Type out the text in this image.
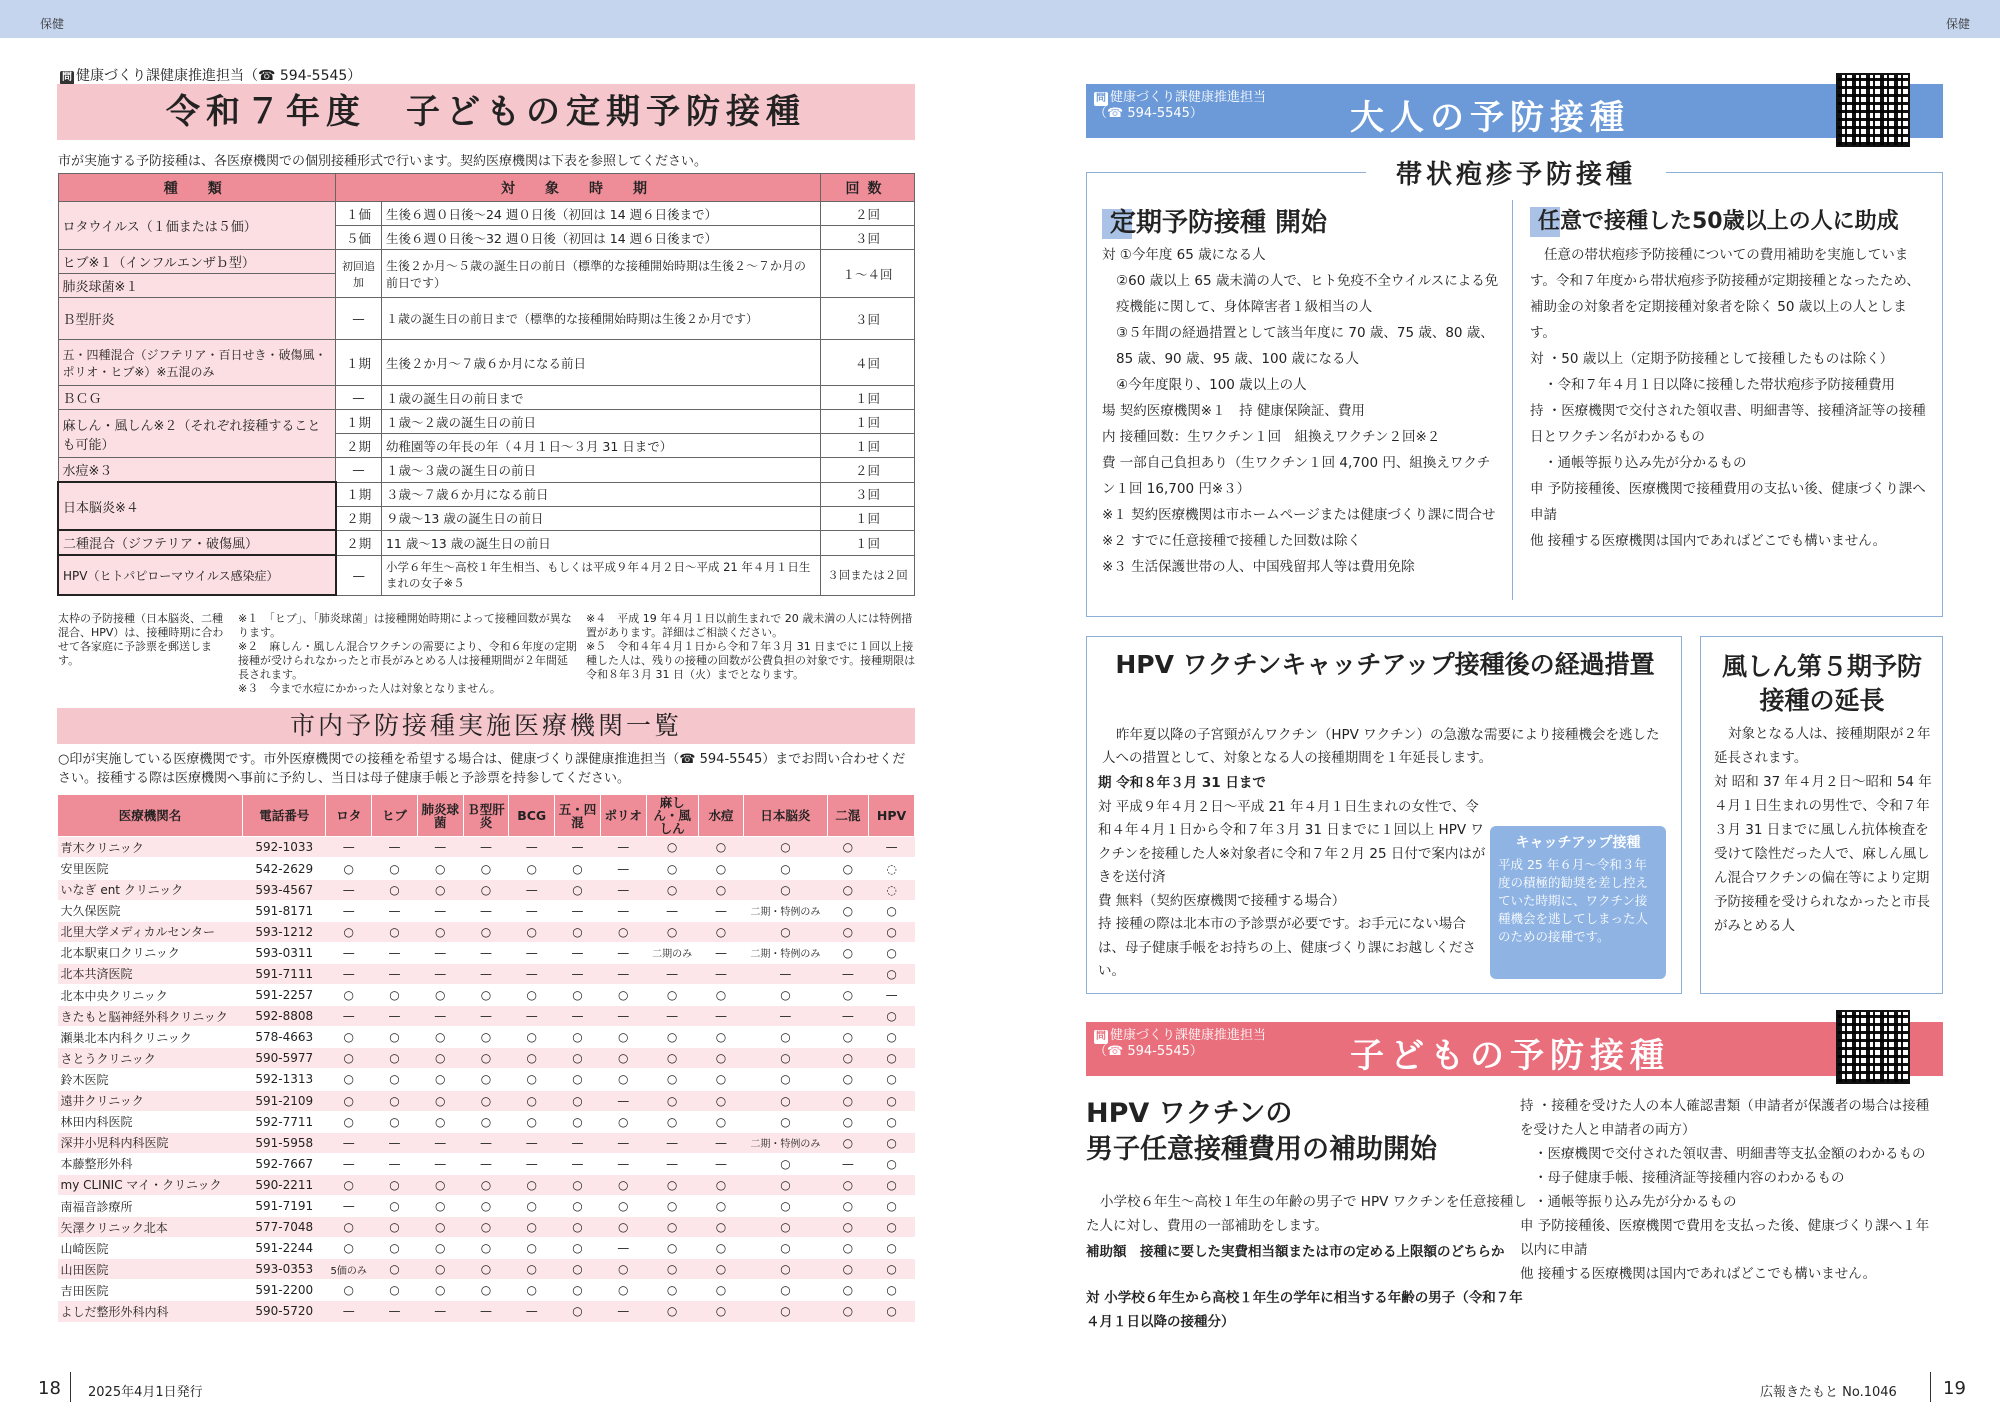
保健	保健
問 健康づくり課健康推進担当（☎ 594-5545）
令和７年度　子どもの定期予防接種
市が実施する予防接種は、各医療機関での個別接種形式で行います。契約医療機関は下表を参照してください。
種　類	対　象　時　期		回数
ロタウイルス（１価または５価）	１価	生後６週０日後～24 週０日後（初回は 14 週６日後まで）	２回
	５価	生後６週０日後～32 週０日後（初回は 14 週６日後まで）	３回
ヒブ※１（インフルエンザｂ型）	初回追加	生後２か月～５歳の誕生日の前日（標準的な接種開始時期は生後２～７か月の前日です）	１～４回
肺炎球菌※１			
Ｂ型肝炎	—	１歳の誕生日の前日まで（標準的な接種開始時期は生後２か月です）	３回
五・四種混合（ジフテリア・百日せき・破傷風・ポリオ・ヒブ※）※五混のみ	１期	生後２か月～７歳６か月になる前日	４回
ＢＣＧ	—	１歳の誕生日の前日まで	１回
麻しん・風しん※２（それぞれ接種することも可能）	１期	１歳～２歳の誕生日の前日	１回
	２期	幼稚園等の年長の年（４月１日～３月 31 日まで）	１回
水痘※３	—	１歳～３歳の誕生日の前日	２回
日本脳炎※４	１期	３歳～７歳６か月になる前日	３回
	２期	９歳～13 歳の誕生日の前日	１回
二種混合（ジフテリア・破傷風）	２期	11 歳～13 歳の誕生日の前日	１回
HPV（ヒトパピローマウイルス感染症）	—	小学６年生～高校１年生相当、もしくは平成９年４月２日～平成 21 年４月１日生まれの女子※５	３回または２回
太枠の予防接種（日本脳炎、二種混合、HPV）は、接種時期に合わせて各家庭に予診票を郵送します。
※１　「ヒブ」、「肺炎球菌」は接種開始時期によって接種回数が異なります。
※２　麻しん・風しん混合ワクチンの需要により、令和６年度の定期接種が受けられなかったと市長がみとめる人は接種期間が２年間延長されます。
※３　今まで水痘にかかった人は対象となりません。
※４　平成 19 年４月１日以前生まれで 20 歳未満の人には特例措置があります。詳細はご相談ください。
※５　令和４年４月１日から令和７年３月 31 日までに１回以上接種した人は、残りの接種の回数が公費負担の対象です。接種期限は令和８年３月 31 日（火）までとなります。
市内予防接種実施医療機関一覧
○印が実施している医療機関です。市外医療機関での接種を希望する場合は、健康づくり課健康推進担当（☎ 594-5545）までお問い合わせください。接種する際は医療機関へ事前に予約し、当日は母子健康手帳と予診票を持参してください。
医療機関名	電話番号	ロタ	ヒブ	肺炎球菌	Ｂ型肝炎	BCG	五・四混	ポリオ	麻しん・風しん	水痘	日本脳炎	二混	HPV
青木クリニック	592-1033	—	—	—	—	—	—	—	○	○	○	○	—
安里医院	542-2629	○	○	○	○	○	○	—	○	○	○	○	◌
いなぎ ent クリニック	593-4567	—	○	○	○	—	○	—	○	○	○	○	◌
大久保医院	591-8171	—	—	—	—	—	—	—	—	—	二期・特例のみ	○	○
北里大学メディカルセンター	593-1212	○	○	○	○	○	○	○	○	○	○	○	○
北本駅東口クリニック	593-0311	—	—	—	—	—	—	—	二期のみ	—	二期・特例のみ	○	○
北本共済医院	591-7111	—	—	—	—	—	—	—	—	—	—	—	○
北本中央クリニック	591-2257	○	○	○	○	○	○	○	○	○	○	○	—
きたもと脳神経外科クリニック	592-8808	—	—	—	—	—	—	—	—	—	—	—	○
瀬巣北本内科クリニック	578-4663	○	○	○	○	○	○	○	○	○	○	○	○
さとうクリニック	590-5977	○	○	○	○	○	○	○	○	○	○	○	○
鈴木医院	592-1313	○	○	○	○	○	○	○	○	○	○	○	○
遠井クリニック	591-2109	○	○	○	○	○	○	—	○	○	○	○	○
林田内科医院	592-7711	○	○	○	○	○	○	○	○	○	○	○	○
深井小児科内科医院	591-5958	—	—	—	—	—	—	—	—	—	二期・特例のみ	○	○
本藤整形外科	592-7667	—	—	—	—	—	—	—	—	—	○	—	○
my CLINIC マイ・クリニック	590-2211	○	○	○	○	○	○	○	○	○	○	○	○
南福音診療所	591-7191	—	○	○	○	○	○	○	○	○	○	○	○
矢澤クリニック北本	577-7048	○	○	○	○	○	○	○	○	○	○	○	○
山崎医院	591-2244	○	○	○	○	○	○	—	○	○	○	○	○
山田医院	593-0353	5価のみ	○	○	○	○	○	○	○	○	○	○	○
吉田医院	591-2200	○	○	○	○	○	○	○	○	○	○	○	○
よしだ整形外科内科	590-5720	—	—	—	—	—	○	—	○	○	○	○	○
18 2025年4月1日発行
問 健康づくり課健康推進担当
（☎ 594-5545）	大人の予防接種
帯状疱疹予防接種
定期予防接種 開始
対 ①今年度 65 歳になる人
②60 歳以上 65 歳未満の人で、ヒト免疫不全ウイルスによる免疫機能に関して、身体障害者１級相当の人
③５年間の経過措置として該当年度に 70 歳、75 歳、80 歳、85 歳、90 歳、95 歳、100 歳になる人
④今年度限り、100 歳以上の人
場 契約医療機関※１　持 健康保険証、費用
内 接種回数：生ワクチン１回　組換えワクチン２回※２
費 一部自己負担あり（生ワクチン１回 4,700 円、組換えワクチン１回 16,700 円※３）
※１ 契約医療機関は市ホームページまたは健康づくり課に問合せ
※２ すでに任意接種で接種した回数は除く
※３ 生活保護世帯の人、中国残留邦人等は費用免除
任意で接種した50歳以上の人に助成
任意の帯状疱疹予防接種についての費用補助を実施しています。令和７年度から帯状疱疹予防接種が定期接種となったため、補助金の対象者を定期接種対象者を除く 50 歳以上の人とします。
対 ・50 歳以上（定期予防接種として接種したものは除く）
・令和７年４月１日以降に接種した帯状疱疹予防接種費用
持 ・医療機関で交付された領収書、明細書等、接種済証等の接種日とワクチン名がわかるもの
・通帳等振り込み先が分かるもの
申 予防接種後、医療機関で接種費用の支払い後、健康づくり課へ申請
他 接種する医療機関は国内であればどこでも構いません。
HPV ワクチンキャッチアップ接種後の経過措置
昨年夏以降の子宮頸がんワクチン（HPV ワクチン）の急激な需要により接種機会を逃した人への措置として、対象となる人の接種期間を１年延長します。
期 令和８年３月 31 日まで
対 平成９年４月２日～平成 21 年４月１日生まれの女性で、令和４年４月１日から令和７年３月 31 日までに１回以上 HPV ワクチンを接種した人※対象者に令和７年２月 25 日付で案内はがきを送付済
費 無料（契約医療機関で接種する場合）
持 接種の際は北本市の予診票が必要です。お手元にない場合は、母子健康手帳をお持ちの上、健康づくり課にお越しください。
キャッチアップ接種
平成 25 年６月～令和３年度の積極的勧奨を差し控えていた時期に、ワクチン接種機会を逃してしまった人のための接種です。
風しん第５期予防接種の延長
対象となる人は、接種期限が２年延長されます。
対 昭和 37 年４月２日～昭和 54 年４月１日生まれの男性で、令和７年３月 31 日までに風しん抗体検査を受けて陰性だった人で、麻しん風しん混合ワクチンの偏在等により定期予防接種を受けられなかったと市長がみとめる人
問 健康づくり課健康推進担当
（☎ 594-5545）	子どもの予防接種
HPV ワクチンの
男子任意接種費用の補助開始
小学校６年生～高校１年生の年齢の男子で HPV ワクチンを任意接種した人に対し、費用の一部補助をします。
補助額　接種に要した実費相当額または市の定める上限額のどちらか
対 小学校６年生から高校１年生の学年に相当する年齢の男子（令和７年４月１日以降の接種分）
持 ・接種を受けた人の本人確認書類（申請者が保護者の場合は接種を受けた人と申請者の両方）
・医療機関で交付された領収書、明細書等支払金額のわかるもの
・母子健康手帳、接種済証等接種内容のわかるもの
・通帳等振り込み先が分かるもの
申 予防接種後、医療機関で費用を支払った後、健康づくり課へ１年以内に申請
他 接種する医療機関は国内であればどこでも構いません。
広報きたもと No.1046	19
